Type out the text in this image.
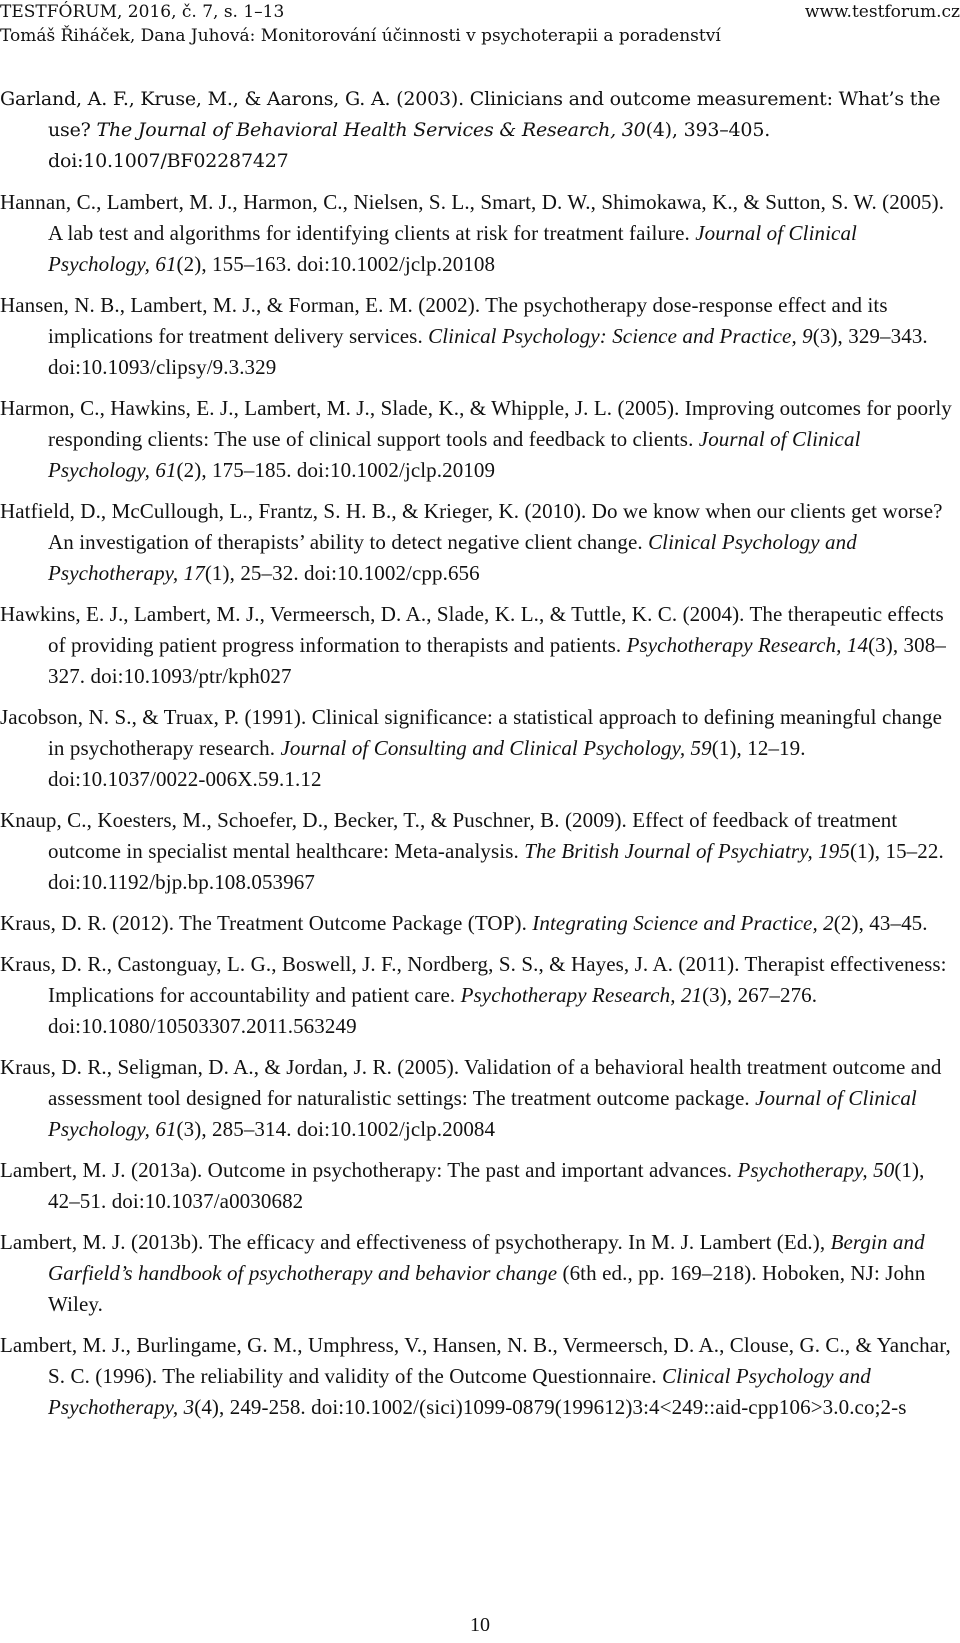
TESTFÓRUM, 2016, č. 7, s. 1–13	www.testforum.cz
Tomáš Řiháček, Dana Juhová: Monitorování účinnosti v psychoterapii a poradenství
Garland, A. F., Kruse, M., & Aarons, G. A. (2003). Clinicians and outcome measurement: What’s the use? The Journal of Behavioral Health Services & Research, 30(4), 393–405. doi:10.1007/BF02287427
Hannan, C., Lambert, M. J., Harmon, C., Nielsen, S. L., Smart, D. W., Shimokawa, K., & Sutton, S. W. (2005). A lab test and algorithms for identifying clients at risk for treatment failure. Journal of Clinical Psychology, 61(2), 155–163. doi:10.1002/jclp.20108
Hansen, N. B., Lambert, M. J., & Forman, E. M. (2002). The psychotherapy dose-response effect and its implications for treatment delivery services. Clinical Psychology: Science and Practice, 9(3), 329–343. doi:10.1093/clipsy/9.3.329
Harmon, C., Hawkins, E. J., Lambert, M. J., Slade, K., & Whipple, J. L. (2005). Improving outcomes for poorly responding clients: The use of clinical support tools and feedback to clients. Journal of Clinical Psychology, 61(2), 175–185. doi:10.1002/jclp.20109
Hatfield, D., McCullough, L., Frantz, S. H. B., & Krieger, K. (2010). Do we know when our clients get worse? An investigation of therapists’ ability to detect negative client change. Clinical Psychology and Psychotherapy, 17(1), 25–32. doi:10.1002/cpp.656
Hawkins, E. J., Lambert, M. J., Vermeersch, D. A., Slade, K. L., & Tuttle, K. C. (2004). The therapeutic effects of providing patient progress information to therapists and patients. Psychotherapy Research, 14(3), 308–327. doi:10.1093/ptr/kph027
Jacobson, N. S., & Truax, P. (1991). Clinical significance: a statistical approach to defining meaningful change in psychotherapy research. Journal of Consulting and Clinical Psychology, 59(1), 12–19. doi:10.1037/0022-006X.59.1.12
Knaup, C., Koesters, M., Schoefer, D., Becker, T., & Puschner, B. (2009). Effect of feedback of treatment outcome in specialist mental healthcare: Meta-analysis. The British Journal of Psychiatry, 195(1), 15–22. doi:10.1192/bjp.bp.108.053967
Kraus, D. R. (2012). The Treatment Outcome Package (TOP). Integrating Science and Practice, 2(2), 43–45.
Kraus, D. R., Castonguay, L. G., Boswell, J. F., Nordberg, S. S., & Hayes, J. A. (2011). Therapist effectiveness: Implications for accountability and patient care. Psychotherapy Research, 21(3), 267–276. doi:10.1080/10503307.2011.563249
Kraus, D. R., Seligman, D. A., & Jordan, J. R. (2005). Validation of a behavioral health treatment outcome and assessment tool designed for naturalistic settings: The treatment outcome package. Journal of Clinical Psychology, 61(3), 285–314. doi:10.1002/jclp.20084
Lambert, M. J. (2013a). Outcome in psychotherapy: The past and important advances. Psychotherapy, 50(1), 42–51. doi:10.1037/a0030682
Lambert, M. J. (2013b). The efficacy and effectiveness of psychotherapy. In M. J. Lambert (Ed.), Bergin and Garfield’s handbook of psychotherapy and behavior change (6th ed., pp. 169–218). Hoboken, NJ: John Wiley.
Lambert, M. J., Burlingame, G. M., Umphress, V., Hansen, N. B., Vermeersch, D. A., Clouse, G. C., & Yanchar, S. C. (1996). The reliability and validity of the Outcome Questionnaire. Clinical Psychology and Psychotherapy, 3(4), 249-258. doi:10.1002/(sici)1099-0879(199612)3:4<249::aid-cpp106>3.0.co;2-s
10
